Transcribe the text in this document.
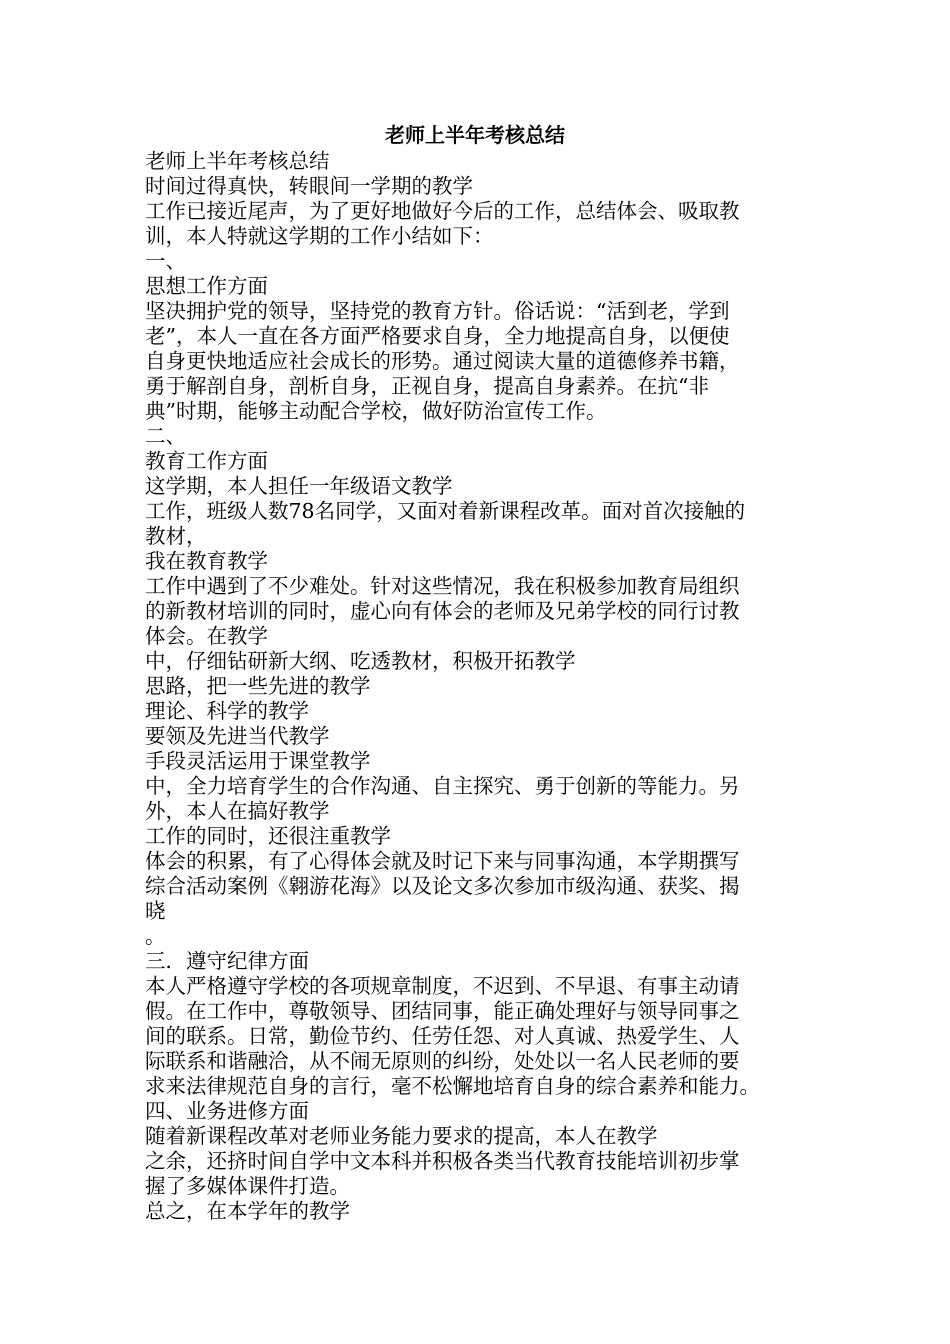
老师上半年考核总结
老师上半年考核总结
时间过得真快，转眼间一学期的教学
工作已接近尾声，为了更好地做好今后的工作，总结体会、吸取教
训，本人特就这学期的工作小结如下：
一、
思想工作方面
坚决拥护党的领导，坚持党的教育方针。俗话说：“活到老，学到
老”，本人一直在各方面严格要求自身，全力地提高自身，以便使
自身更快地适应社会成长的形势。通过阅读大量的道德修养书籍，
勇于解剖自身，剖析自身，正视自身，提高自身素养。在抗“非
典”时期，能够主动配合学校，做好防治宣传工作。
二、
教育工作方面
这学期，本人担任一年级语文教学
工作，班级人数78名同学，又面对着新课程改革。面对首次接触的
教材，
我在教育教学
工作中遇到了不少难处。针对这些情况，我在积极参加教育局组织
的新教材培训的同时，虚心向有体会的老师及兄弟学校的同行讨教
体会。在教学
中，仔细钻研新大纲、吃透教材，积极开拓教学
思路，把一些先进的教学
理论、科学的教学
要领及先进当代教学
手段灵活运用于课堂教学
中，全力培育学生的合作沟通、自主探究、勇于创新的等能力。另
外，本人在搞好教学
工作的同时，还很注重教学
体会的积累，有了心得体会就及时记下来与同事沟通，本学期撰写
综合活动案例《翱游花海》以及论文多次参加市级沟通、获奖、揭
晓
。
三．遵守纪律方面
本人严格遵守学校的各项规章制度，不迟到、不早退、有事主动请
假。在工作中，尊敬领导、团结同事，能正确处理好与领导同事之
间的联系。日常，勤俭节约、任劳任怨、对人真诚、热爱学生、人
际联系和谐融洽，从不闹无原则的纠纷，处处以一名人民老师的要
求来法律规范自身的言行，毫不松懈地培育自身的综合素养和能力。
四、业务进修方面
随着新课程改革对老师业务能力要求的提高，本人在教学
之余，还挤时间自学中文本科并积极各类当代教育技能培训初步掌
握了多媒体课件打造。
总之，在本学年的教学
